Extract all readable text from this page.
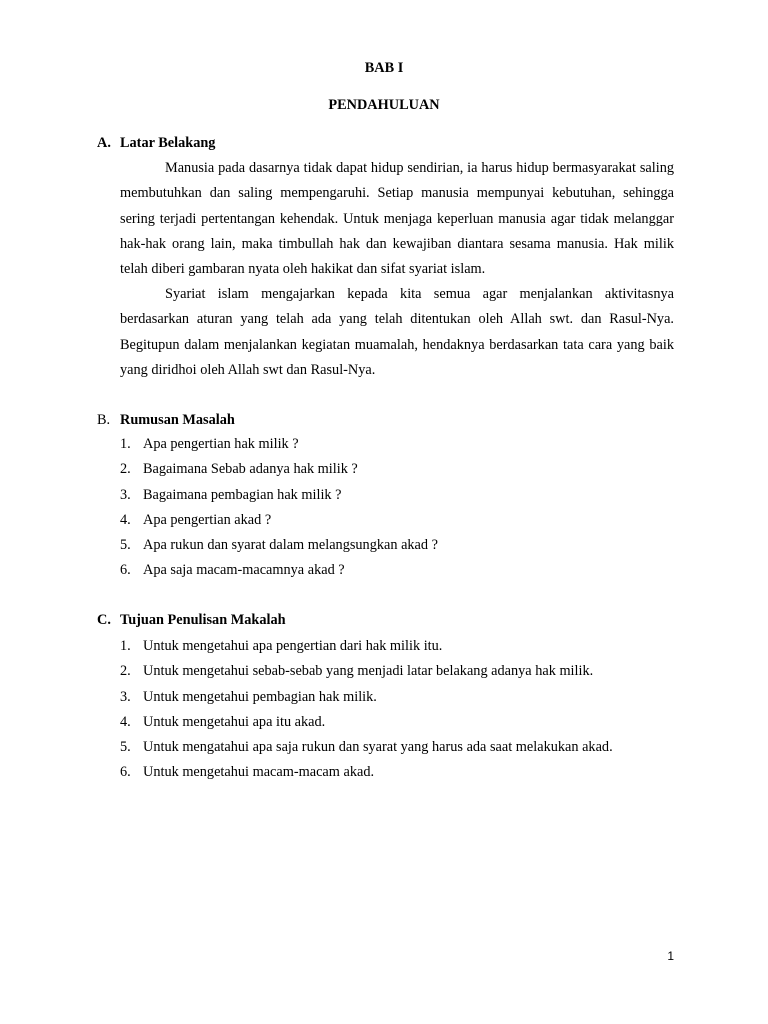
BAB I
PENDAHULUAN
A. Latar Belakang

Manusia pada dasarnya tidak dapat hidup sendirian, ia harus hidup bermasyarakat saling membutuhkan dan saling mempengaruhi. Setiap manusia mempunyai kebutuhan, sehingga sering terjadi pertentangan kehendak. Untuk menjaga keperluan manusia agar tidak melanggar hak-hak orang lain, maka timbullah hak dan kewajiban diantara sesama manusia. Hak milik telah diberi gambaran nyata oleh hakikat dan sifat syariat islam.

Syariat islam mengajarkan kepada kita semua agar menjalankan aktivitasnya berdasarkan aturan yang telah ada yang telah ditentukan oleh Allah swt. dan Rasul-Nya. Begitupun dalam menjalankan kegiatan muamalah, hendaknya berdasarkan tata cara yang baik yang diridhoi oleh Allah swt dan Rasul-Nya.

B. Rumusan Masalah
1. Apa pengertian hak milik ?
2. Bagaimana Sebab adanya hak milik ?
3. Bagaimana pembagian hak milik ?
4. Apa pengertian akad ?
5. Apa rukun dan syarat dalam melangsungkan akad ?
6. Apa saja macam-macamnya akad ?
C. Tujuan Penulisan Makalah
1. Untuk mengetahui apa pengertian dari hak milik itu.
2. Untuk mengetahui sebab-sebab yang menjadi latar belakang adanya hak milik.
3. Untuk mengetahui pembagian hak milik.
4. Untuk mengetahui apa itu akad.
5. Untuk mengatahui apa saja rukun dan syarat yang harus ada saat melakukan akad.
6. Untuk mengetahui macam-macam akad.
1
